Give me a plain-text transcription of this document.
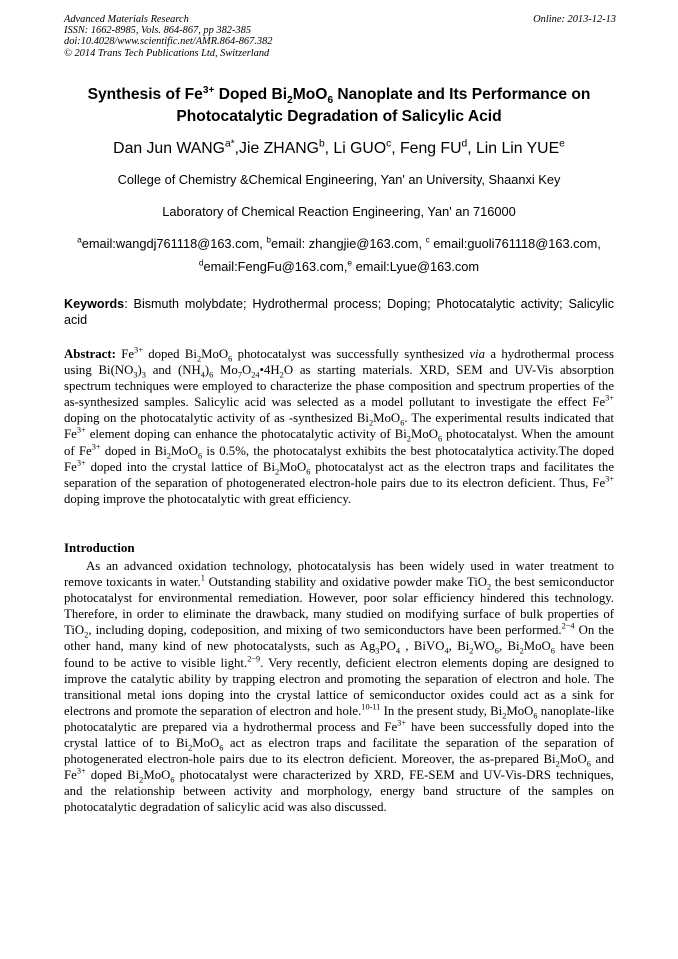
Advanced Materials Research
ISSN: 1662-8985, Vols. 864-867, pp 382-385
doi:10.4028/www.scientific.net/AMR.864-867.382
© 2014 Trans Tech Publications Ltd, Switzerland
Online: 2013-12-13
Synthesis of $Fe^{3+}$ Doped $Bi_2MoO_6$ Nanoplate and Its Performance on
Photocatalytic Degradation of Salicylic Acid
Dan Jun $WANG^{a*},Jie$ ZHANG$^b$, Li GUO$^c$, Feng $FU^d$, Lin Lin YUE$^e$
College of Chemistry &Chemical Engineering, Yan' an University, Shaanxi Key
Laboratory of Chemical Reaction Engineering, Yan' an 716000
$^a$email:wangdj761118@163.com, $^b$email: zhangjie@163.com, $^c$ email:guoli761118@163.com,
$^d$email:FengFu@163.com,$^e$ email:Lyue@163.com
Keywords: Bismuth molybdate; Hydrothermal process; Doping; Photocatalytic activity; Salicylic acid
Abstract: $Fe^{3+}$ doped $Bi_2MoO_6$ photocatalyst was successfully synthesized via a hydrothermal process using $Bi(NO_3)_3$ and $(NH_4)_6$ $Mo_7O_{24}•4H_2O$ as starting materials. XRD, SEM and UV-Vis absorption spectrum techniques were employed to characterize the phase composition and spectrum properties of the as-synthesized samples. Salicylic acid was selected as a model pollutant to investigate the effect $Fe^{3+}$ doping on the photocatalytic activity of as -synthesized $Bi_2MoO_6$. The experimental results indicated that $Fe^{3+}$ element doping can enhance the photocatalytic activity of $Bi_2MoO_6$ photocatalyst. When the amount of $Fe^{3+}$ doped in $Bi_2MoO_6$ is 0.5%, the photocatalyst exhibits the best photocatalytica activity.The doped $Fe^{3+}$ doped into the crystal lattice of $Bi_2MoO_6$ photocatalyst act as the electron traps and facilitates the separation of the separation of photogenerated electron-hole pairs due to its electron deficient. Thus, $Fe^{3+}$ doping improve the photocatalytic with great efficiency.
Introduction
As an advanced oxidation technology, photocatalysis has been widely used in water treatment to remove toxicants in water.$^1$ Outstanding stability and oxidative powder make TiO$_2$ the best semiconductor photocatalyst for environmental remediation. However, poor solar efficiency hindered this technology. Therefore, in order to eliminate the drawback, many studied on modifying surface of bulk properties of TiO$_2$, including doping, codeposition, and mixing of two semiconductors have been performed.$^{2-4}$ On the other hand, many kind of new photocatalysts, such as $Ag_3PO_4$ , BiVO$_4$, $Bi_2WO_6$, $Bi_2MoO_6$ have been found to be active to visible light.$^{2-9}$. Very recently, deficient electron elements doping are designed to improve the catalytic ability by trapping electron and promoting the separation of electron and hole. The transitional metal ions doping into the crystal lattice of semiconductor oxides could act as a sink for electrons and promote the separation of electron and hole.$^{10-11}$ In the present study, $Bi_2MoO_6$ nanoplate-like photocatalytic are prepared via a hydrothermal process and $Fe^{3+}$ have been successfully doped into the crystal lattice of to $Bi_2MoO_6$ act as electron traps and facilitate the separation of the separation of photogenerated electron-hole pairs due to its electron deficient. Moreover, the as-prepared $Bi_2MoO_6$ and $Fe^{3+}$ doped $Bi_2MoO_6$ photocatalyst were characterized by XRD, FE-SEM and UV-Vis-DRS techniques, and the relationship between activity and morphology, energy band structure of the samples on photocatalytic degradation of salicylic acid was also discussed.
